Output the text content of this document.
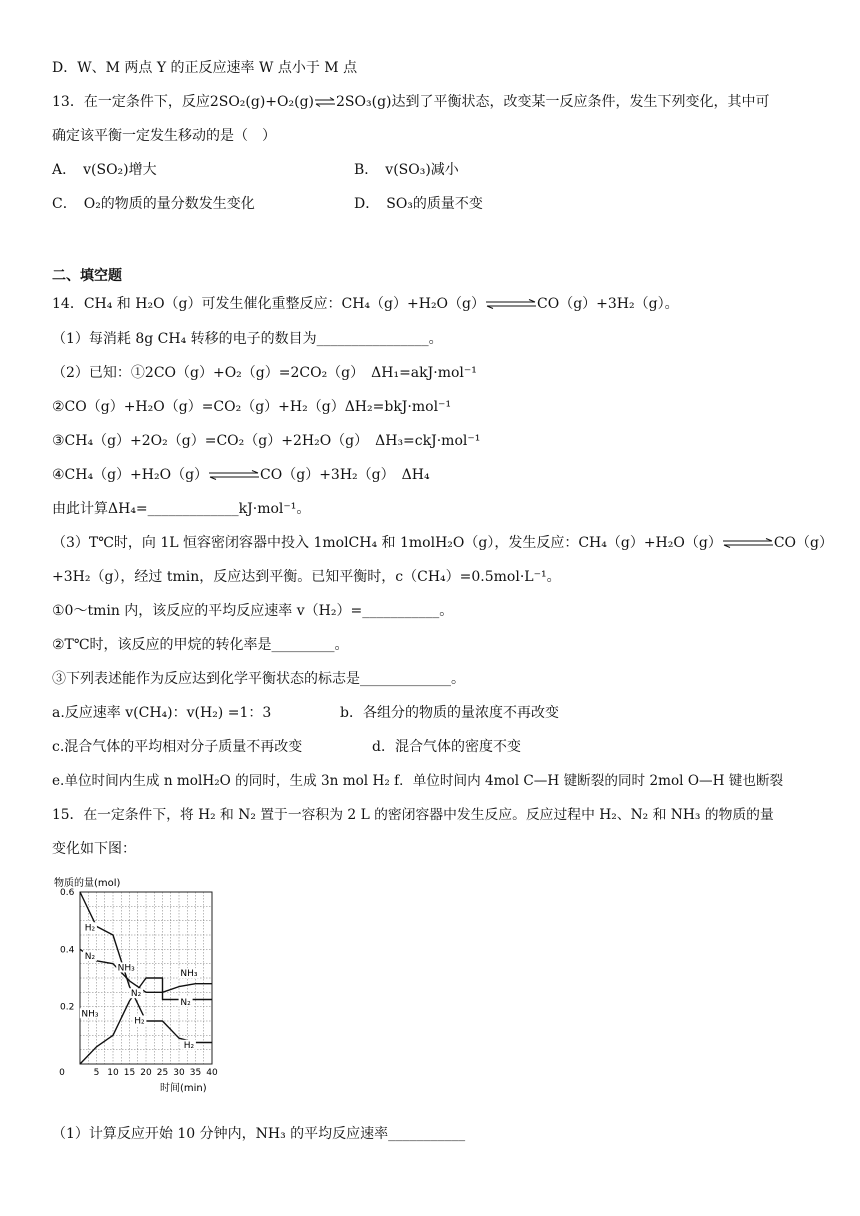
D．W、M 两点 Y 的正反应速率 W 点小于 M 点
13．在一定条件下，反应2SO₂(g)+O₂(g)⇌2SO₃(g)达到了平衡状态，改变某一反应条件，发生下列变化，其中可
确定该平衡一定发生移动的是（　）
A．　v(SO₂)增大	B．　v(SO₃)减小
C．　O₂的物质的量分数发生变化	D．　SO₃的质量不变
二、填空题
14．CH₄ 和 H₂O（g）可发生催化重整反应：CH₄（g）+H₂O（g）⇌CO（g）+3H₂（g）。
（1）每消耗 8g CH₄ 转移的电子的数目为________________。
（2）已知：①2CO（g）+O₂（g）=2CO₂（g）　ΔH₁=akJ·mol⁻¹
②CO（g）+H₂O（g）=CO₂（g）+H₂（g）ΔH₂=bkJ·mol⁻¹
③CH₄（g）+2O₂（g）=CO₂（g）+2H₂O（g）　ΔH₃=ckJ·mol⁻¹
④CH₄（g）+H₂O（g）⇌CO（g）+3H₂（g）　ΔH₄
由此计算ΔH₄=_____________kJ·mol⁻¹。
（3）T℃时，向 1L 恒容密闭容器中投入 1molCH₄ 和 1molH₂O（g），发生反应：CH₄（g）+H₂O（g）⇌CO（g）
+3H₂（g），经过 tmin，反应达到平衡。已知平衡时，c（CH₄）=0.5mol·L⁻¹。
①0～tmin 内，该反应的平均反应速率 v（H₂）=___________。
②T℃时，该反应的甲烷的转化率是_________。
③下列表述能作为反应达到化学平衡状态的标志是_____________。
a.反应速率 v(CH₄)：v(H₂) =1：3	b．各组分的物质的量浓度不再改变
c.混合气体的平均相对分子质量不再改变	d．混合气体的密度不变
e.单位时间内生成 n molH₂O 的同时，生成 3n mol H₂ f．单位时间内 4mol C—H 键断裂的同时 2mol O—H 键也断裂
15．在一定条件下，将 H₂ 和 N₂ 置于一容积为 2 L 的密闭容器中发生反应。反应过程中 H₂、N₂ 和 NH₃ 的物质的量
变化如下图：
0.2
0.4
0.6
0	5 10 15 20 25 30 35 40
H₂
N₂
NH₃
N₂
NH₃
N₂
NH₃
H₂
H₂
物质的量(mol)
时间(min)
（1）计算反应开始 10 分钟内，NH₃ 的平均反应速率___________
